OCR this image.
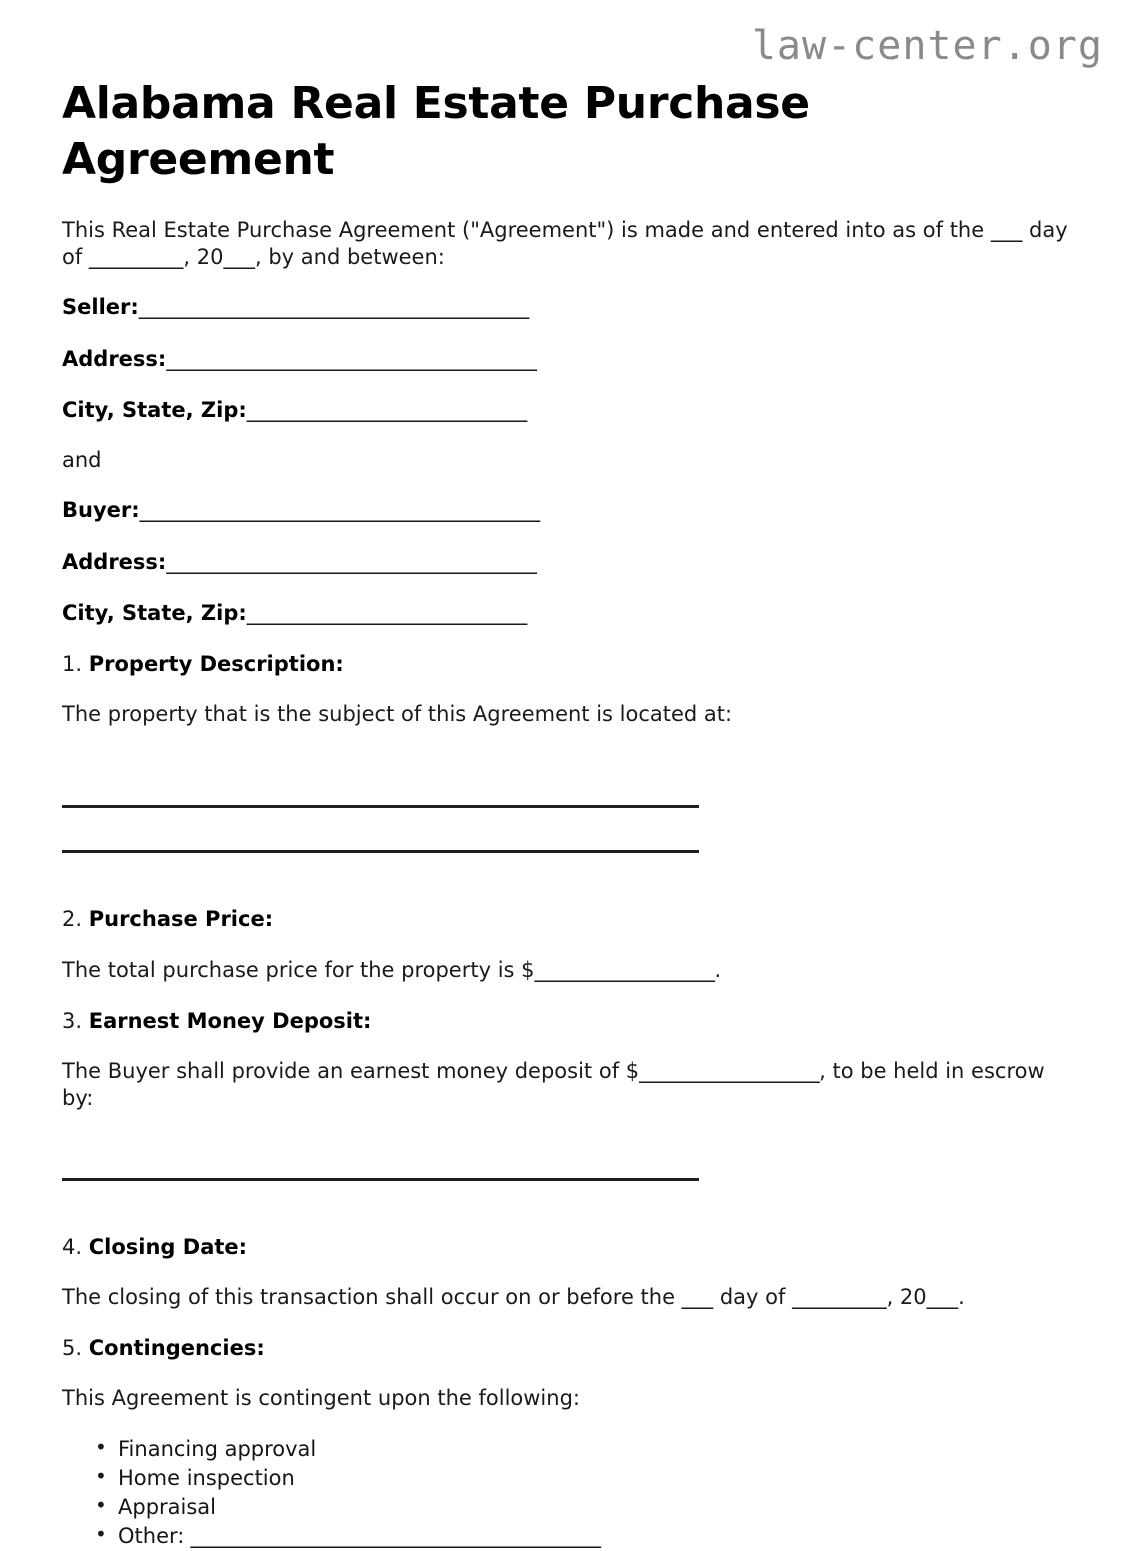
law-center.org
Alabama Real Estate Purchase Agreement

This Real Estate Purchase Agreement ("Agreement") is made and entered into as of the ___ day of _________, 20___, by and between:

Seller:_______________________________________
Address:_____________________________________
City, State, Zip:____________________________
and
Buyer:________________________________________
Address:_____________________________________
City, State, Zip:____________________________
1. Property Description:

The property that is the subject of this Agreement is located at:

2. Purchase Price:

The total purchase price for the property is $__________________.

3. Earnest Money Deposit:

The Buyer shall provide an earnest money deposit of $__________________, to be held in escrow by:

4. Closing Date:

The closing of this transaction shall occur on or before the ___ day of _________, 20___.

5. Contingencies:

This Agreement is contingent upon the following:

• Financing approval
• Home inspection
• Appraisal
• Other: _________________________________________
